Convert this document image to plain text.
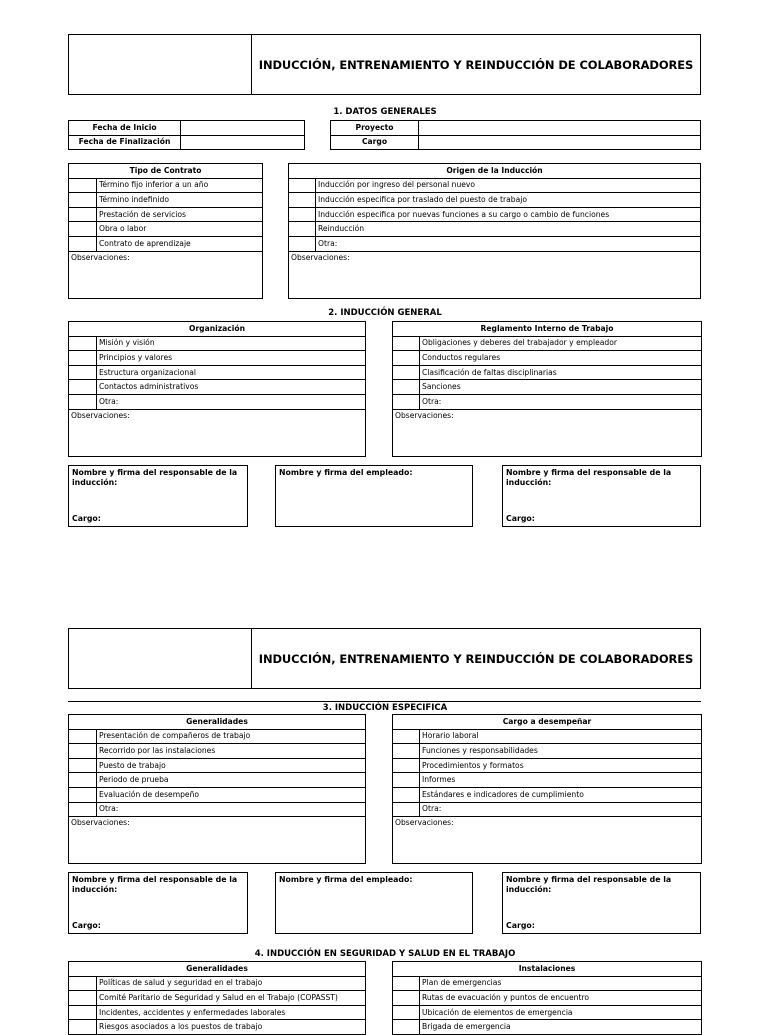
INDUCCIÓN, ENTRENAMIENTO Y REINDUCCIÓN DE COLABORADORES
1. DATOS GENERALES
Fecha de Inicio	
Fecha de Finalización	
Proyecto	
Cargo	
Tipo de Contrato	
	Término fijo inferior a un año
	Término indefinido
	Prestación de servicios
	Obra o labor
	Contrato de aprendizaje
Observaciones:	
Origen de la Inducción	
	Inducción por ingreso del personal nuevo
	Inducción especifica por traslado del puesto de trabajo
	Inducción especifica por nuevas funciones a su cargo o cambio de funciones
	Reinducción
	Otra:
Observaciones:	
2. INDUCCIÓN GENERAL
Organización	
	Misión y visión
	Principios y valores
	Estructura organizacional
	Contactos administrativos
	Otra:
Observaciones:	
Reglamento Interno de Trabajo	
	Obligaciones y deberes del trabajador y empleador
	Conductos regulares
	Clasificación de faltas disciplinarias
	Sanciones
	Otra:
Observaciones:	
Nombre y firma del responsable de la inducción:
Cargo:
Nombre y firma del empleado:	Nombre y firma del responsable de la inducción:
Cargo:
INDUCCIÓN, ENTRENAMIENTO Y REINDUCCIÓN DE COLABORADORES
3. INDUCCIÓN ESPECIFICA
Generalidades	
	Presentación de compañeros de trabajo
	Recorrido por las instalaciones
	Puesto de trabajo
	Periodo de prueba
	Evaluación de desempeño
	Otra:
Observaciones:	
Cargo a desempeñar	
	Horario laboral
	Funciones y responsabilidades
	Procedimientos y formatos
	Informes
	Estándares e indicadores de cumplimiento
	Otra:
Observaciones:	
Nombre y firma del responsable de la inducción:
Cargo:
Nombre y firma del empleado:	Nombre y firma del responsable de la inducción:
Cargo:
4. INDUCCIÓN EN SEGURIDAD Y SALUD EN EL TRABAJO
Generalidades	
	Políticas de salud y seguridad en el trabajo
	Comité Paritario de Seguridad y Salud en el Trabajo (COPASST)
	Incidentes, accidentes y enfermedades laborales
	Riesgos asociados a los puestos de trabajo
Instalaciones	
	Plan de emergencias
	Rutas de evacuación y puntos de encuentro
	Ubicación de elementos de emergencia
	Brigada de emergencia
